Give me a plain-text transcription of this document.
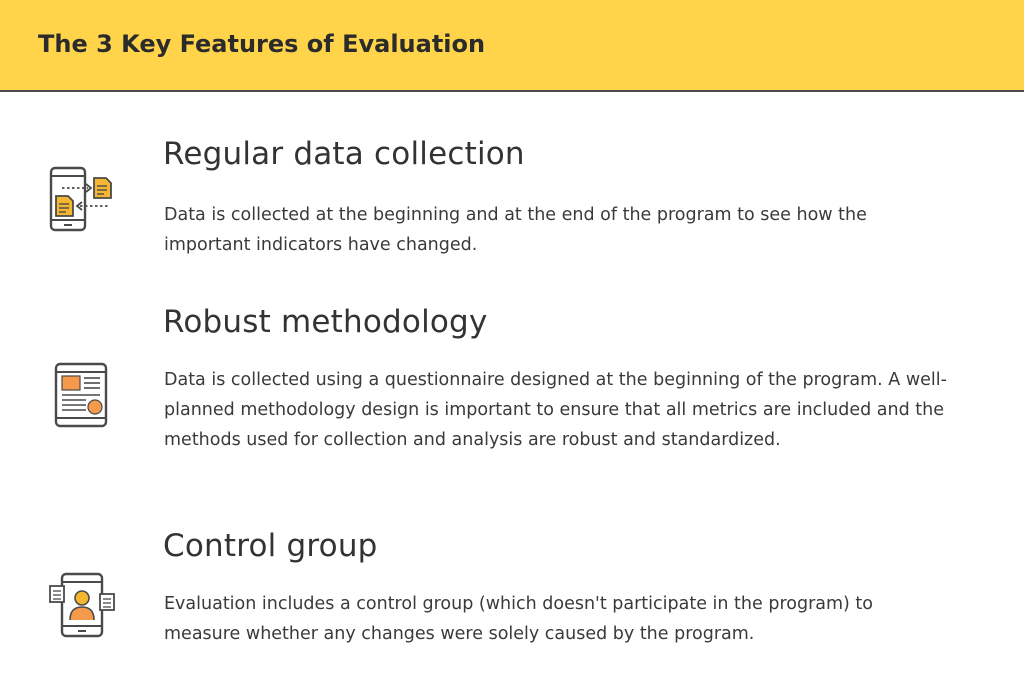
The 3 Key Features of Evaluation
Regular data collection
Data is collected at the beginning and at the end of the program to see how the important indicators have changed.
Robust methodology
Data is collected using a questionnaire designed at the beginning of the program. A well-planned methodology design is important to ensure that all metrics are included and the methods used for collection and analysis are robust and standardized.
Control group
Evaluation includes a control group (which doesn't participate in the program) to measure whether any changes were solely caused by the program.
